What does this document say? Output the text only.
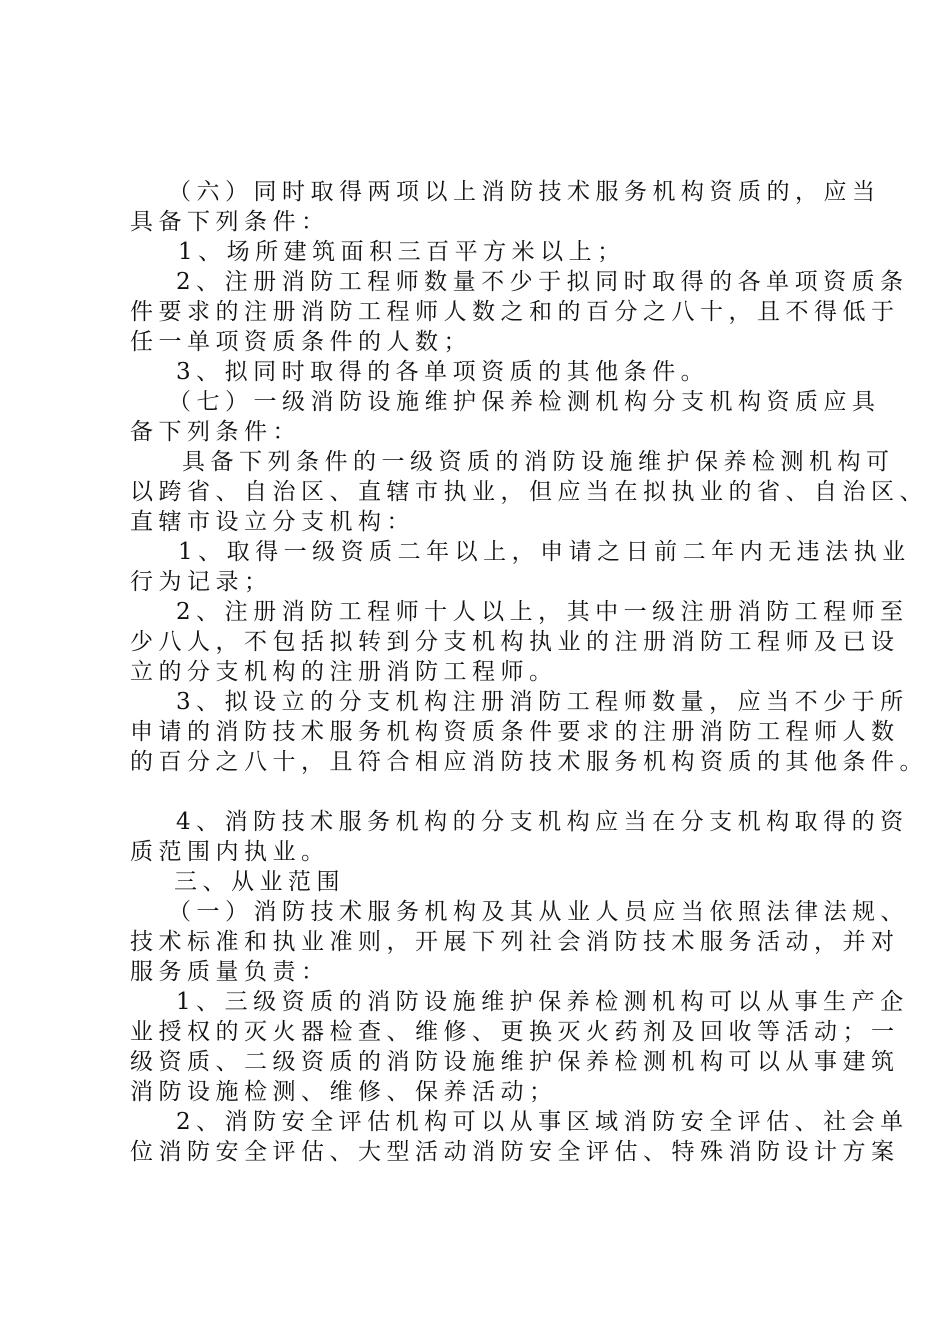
（六）同时取得两项以上消防技术服务机构资质的，应当
具备下列条件：
1、场所建筑面积三百平方米以上；
2、注册消防工程师数量不少于拟同时取得的各单项资质条
件要求的注册消防工程师人数之和的百分之八十，且不得低于
任一单项资质条件的人数；
3、拟同时取得的各单项资质的其他条件。
（七）一级消防设施维护保养检测机构分支机构资质应具
备下列条件：
具备下列条件的一级资质的消防设施维护保养检测机构可
以跨省、自治区、直辖市执业，但应当在拟执业的省、自治区、
直辖市设立分支机构：
1、取得一级资质二年以上，申请之日前二年内无违法执业
行为记录；
2、注册消防工程师十人以上，其中一级注册消防工程师至
少八人，不包括拟转到分支机构执业的注册消防工程师及已设
立的分支机构的注册消防工程师。
3、拟设立的分支机构注册消防工程师数量，应当不少于所
申请的消防技术服务机构资质条件要求的注册消防工程师人数
的百分之八十，且符合相应消防技术服务机构资质的其他条件。
4、消防技术服务机构的分支机构应当在分支机构取得的资
质范围内执业。
三、从业范围
（一）消防技术服务机构及其从业人员应当依照法律法规、
技术标准和执业准则，开展下列社会消防技术服务活动，并对
服务质量负责：
1、三级资质的消防设施维护保养检测机构可以从事生产企
业授权的灭火器检查、维修、更换灭火药剂及回收等活动；一
级资质、二级资质的消防设施维护保养检测机构可以从事建筑
消防设施检测、维修、保养活动；
2、消防安全评估机构可以从事区域消防安全评估、社会单
位消防安全评估、大型活动消防安全评估、特殊消防设计方案
